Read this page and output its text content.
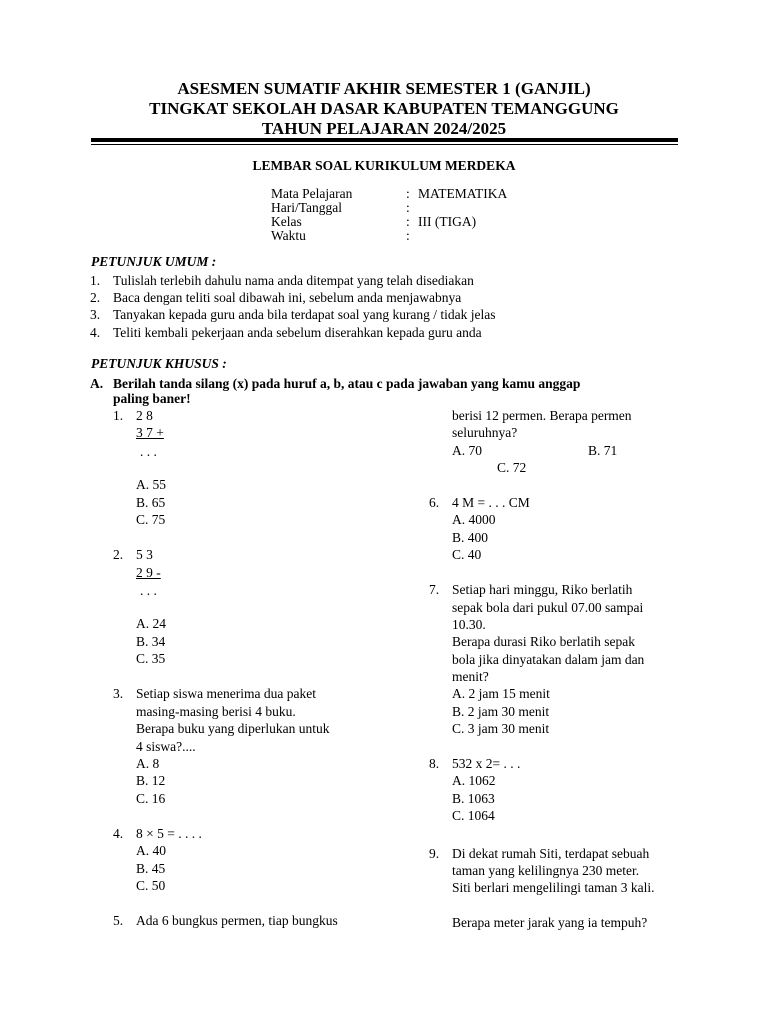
ASESMEN SUMATIF AKHIR SEMESTER 1 (GANJIL)
TINGKAT SEKOLAH DASAR KABUPATEN TEMANGGUNG
TAHUN PELAJARAN 2024/2025
LEMBAR SOAL KURIKULUM MERDEKA
Mata Pelajaran	: MATEMATIKA
Hari/Tanggal	:
Kelas	: III (TIGA)
Waktu	:
PETUNJUK UMUM :
1. Tulislah terlebih dahulu nama anda ditempat yang telah disediakan
2. Baca dengan teliti soal dibawah ini, sebelum anda menjawabnya
3. Tanyakan kepada guru anda bila terdapat soal yang kurang / tidak jelas
4. Teliti kembali pekerjaan anda sebelum diserahkan kepada guru anda
PETUNJUK KHUSUS :
A. Berilah tanda silang (x) pada huruf a, b, atau c pada jawaban yang kamu anggap
paling baner!
1. 2 8
3 7 +
. . .
A. 55
B. 65
C. 75
2. 5 3
2 9 -
. . .
A. 24
B. 34
C. 35
3. Setiap siswa menerima dua paket
masing-masing berisi 4 buku.
Berapa buku yang diperlukan untuk
4 siswa?....
A. 8
B. 12
C. 16
4. 8 × 5 = . . . .
A. 40
B. 45
C. 50
5. Ada 6 bungkus permen, tiap bungkus
berisi 12 permen. Berapa permen
seluruhnya?
A. 70	B. 71
C. 72
6. 4 M = . . . CM
A. 4000
B. 400
C. 40
7. Setiap hari minggu, Riko berlatih
sepak bola dari pukul 07.00 sampai
10.30.
Berapa durasi Riko berlatih sepak
bola jika dinyatakan dalam jam dan
menit?
A. 2 jam 15 menit
B. 2 jam 30 menit
C. 3 jam 30 menit
8. 532 x 2= . . .
A. 1062
B. 1063
C. 1064
9. Di dekat rumah Siti, terdapat sebuah
taman yang kelilingnya 230 meter.
Siti berlari mengelilingi taman 3 kali.
Berapa meter jarak yang ia tempuh?
